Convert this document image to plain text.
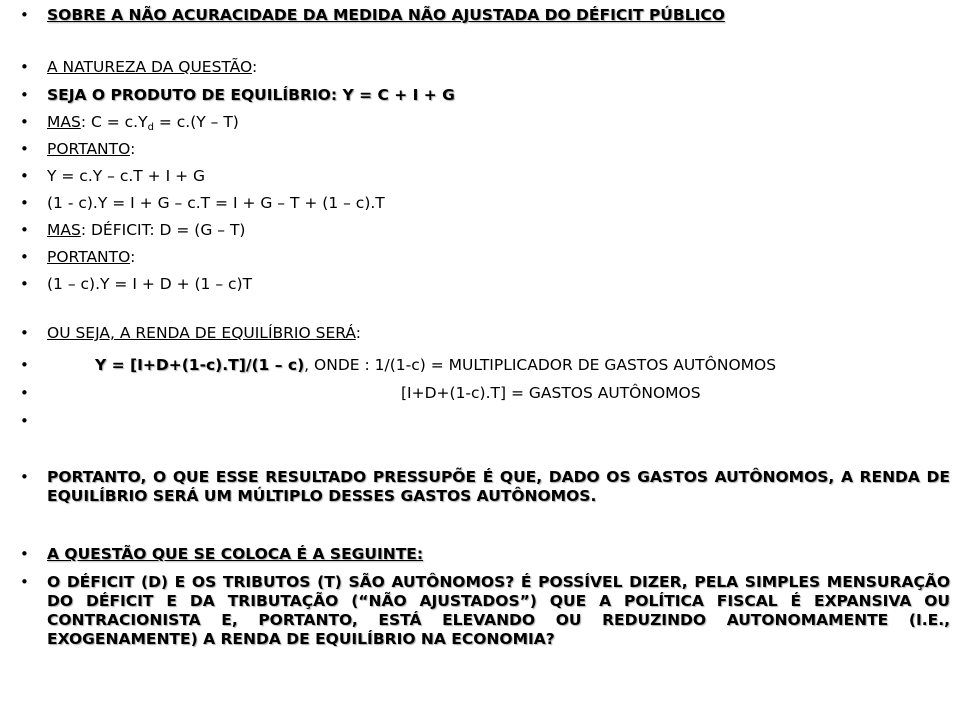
• SOBRE A NÃO ACURACIDADE DA MEDIDA NÃO AJUSTADA DO DÉFICIT PÚBLICO
• A NATUREZA DA QUESTÃO:
• SEJA O PRODUTO DE EQUILÍBRIO: Y = C + I + G
• MAS: $C = c.Y_d = c.(Y - T)$
• PORTANTO:
• Y = c.Y – c.T + I + G
• (1 - c).Y = I + G – c.T = I + G – T + (1 – c).T
• MAS: DÉFICIT: D = (G – T)
• PORTANTO:
• (1 – c).Y = I + D + (1 – c)T
• OU SEJA, A RENDA DE EQUILÍBRIO SERÁ:
•	Y = [I+D+(1-c).T]/(1 – c), ONDE : 1/(1-c) = MULTIPLICADOR DE GASTOS AUTÔNOMOS
•	[I+D+(1-c).T] = GASTOS AUTÔNOMOS
•
• PORTANTO, O QUE ESSE RESULTADO PRESSUPÕE É QUE, DADO OS GASTOS AUTÔNOMOS, A RENDA DE EQUILÍBRIO SERÁ UM MÚLTIPLO DESSES GASTOS AUTÔNOMOS.
• A QUESTÃO QUE SE COLOCA É A SEGUINTE:
• O DÉFICIT (D) E OS TRIBUTOS (T) SÃO AUTÔNOMOS? É POSSÍVEL DIZER, PELA SIMPLES MENSURAÇÃO DO DÉFICIT E DA TRIBUTAÇÃO (“NÃO AJUSTADOS”) QUE A POLÍTICA FISCAL É EXPANSIVA OU CONTRACIONISTA E, PORTANTO, ESTÁ ELEVANDO OU REDUZINDO AUTONOMAMENTE (I.E., EXOGENAMENTE) A RENDA DE EQUILÍBRIO NA ECONOMIA?
